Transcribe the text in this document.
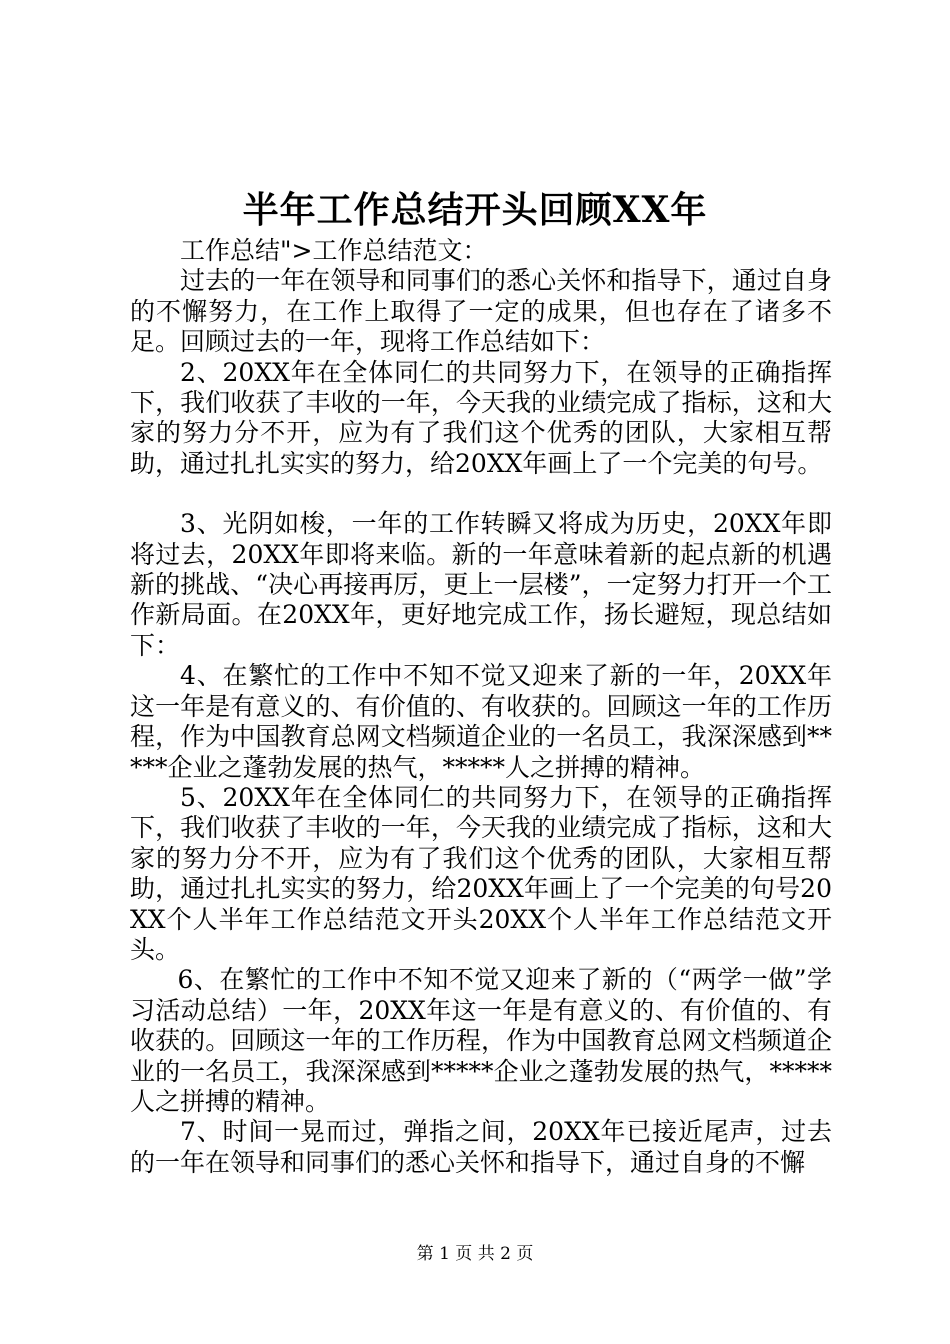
半年工作总结开头回顾XX年

工作总结">工作总结范文：

过去的一年在领导和同事们的悉心关怀和指导下，通过自身的不懈努力，在工作上取得了一定的成果，但也存在了诸多不足。回顾过去的一年，现将工作总结如下：

2、20XX年在全体同仁的共同努力下，在领导的正确指挥下，我们收获了丰收的一年，今天我的业绩完成了指标，这和大家的努力分不开，应为有了我们这个优秀的团队，大家相互帮助，通过扎扎实实的努力，给20XX年画上了一个完美的句号。

3、光阴如梭，一年的工作转瞬又将成为历史，20XX年即将过去，20XX年即将来临。新的一年意味着新的起点新的机遇新的挑战、“决心再接再厉，更上一层楼”，一定努力打开一个工作新局面。在20XX年，更好地完成工作，扬长避短，现总结如下：

4、在繁忙的工作中不知不觉又迎来了新的一年，20XX年这一年是有意义的、有价值的、有收获的。回顾这一年的工作历程，作为中国教育总网文档频道企业的一名员工，我深深感到*****企业之蓬勃发展的热气，*****人之拼搏的精神。

5、20XX年在全体同仁的共同努力下，在领导的正确指挥下，我们收获了丰收的一年，今天我的业绩完成了指标，这和大家的努力分不开，应为有了我们这个优秀的团队，大家相互帮助，通过扎扎实实的努力，给20XX年画上了一个完美的句号20XX个人半年工作总结范文开头20XX个人半年工作总结范文开头。

6、在繁忙的工作中不知不觉又迎来了新的（“两学一做”学习活动总结）一年，20XX年这一年是有意义的、有价值的、有收获的。回顾这一年的工作历程，作为中国教育总网文档频道企业的一名员工，我深深感到*****企业之蓬勃发展的热气，*****人之拼搏的精神。

7、时间一晃而过，弹指之间，20XX年已接近尾声，过去的一年在领导和同事们的悉心关怀和指导下，通过自身的不懈

第 1 页 共 2 页
